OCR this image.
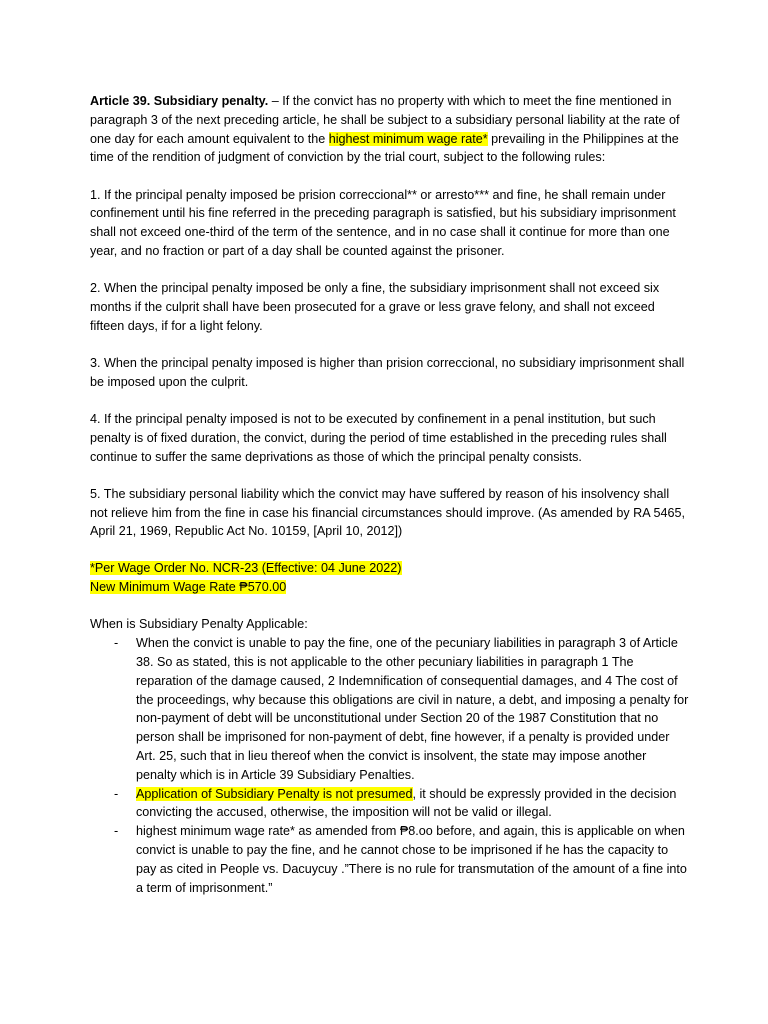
Article 39. Subsidiary penalty. – If the convict has no property with which to meet the fine mentioned in paragraph 3 of the next preceding article, he shall be subject to a subsidiary personal liability at the rate of one day for each amount equivalent to the highest minimum wage rate* prevailing in the Philippines at the time of the rendition of judgment of conviction by the trial court, subject to the following rules:

1. If the principal penalty imposed be prision correccional** or arresto*** and fine, he shall remain under confinement until his fine referred in the preceding paragraph is satisfied, but his subsidiary imprisonment shall not exceed one-third of the term of the sentence, and in no case shall it continue for more than one year, and no fraction or part of a day shall be counted against the prisoner.

2. When the principal penalty imposed be only a fine, the subsidiary imprisonment shall not exceed six months if the culprit shall have been prosecuted for a grave or less grave felony, and shall not exceed fifteen days, if for a light felony.

3. When the principal penalty imposed is higher than prision correccional, no subsidiary imprisonment shall be imposed upon the culprit.

4. If the principal penalty imposed is not to be executed by confinement in a penal institution, but such penalty is of fixed duration, the convict, during the period of time established in the preceding rules shall continue to suffer the same deprivations as those of which the principal penalty consists.

5. The subsidiary personal liability which the convict may have suffered by reason of his insolvency shall not relieve him from the fine in case his financial circumstances should improve. (As amended by RA 5465, April 21, 1969, Republic Act No. 10159, [April 10, 2012])

*Per Wage Order No. NCR-23 (Effective: 04 June 2022)

New Minimum Wage Rate ₱570.00

When is Subsidiary Penalty Applicable:

- When the convict is unable to pay the fine, one of the pecuniary liabilities in paragraph 3 of Article 38. So as stated, this is not applicable to the other pecuniary liabilities in paragraph 1 The reparation of the damage caused, 2 Indemnification of consequential damages, and 4 The cost of the proceedings, why because this obligations are civil in nature, a debt, and imposing a penalty for non-payment of debt will be unconstitutional under Section 20 of the 1987 Constitution that no person shall be imprisoned for non-payment of debt, fine however, if a penalty is provided under Art. 25, such that in lieu thereof when the convict is insolvent, the state may impose another penalty which is in Article 39 Subsidiary Penalties.
- Application of Subsidiary Penalty is not presumed, it should be expressly provided in the decision convicting the accused, otherwise, the imposition will not be valid or illegal.
- highest minimum wage rate* as amended from ₱8.oo before, and again, this is applicable on when convict is unable to pay the fine, and he cannot chose to be imprisoned if he has the capacity to pay as cited in People vs. Dacuycuy .”There is no rule for transmutation of the amount of a fine into a term of imprisonment.”
